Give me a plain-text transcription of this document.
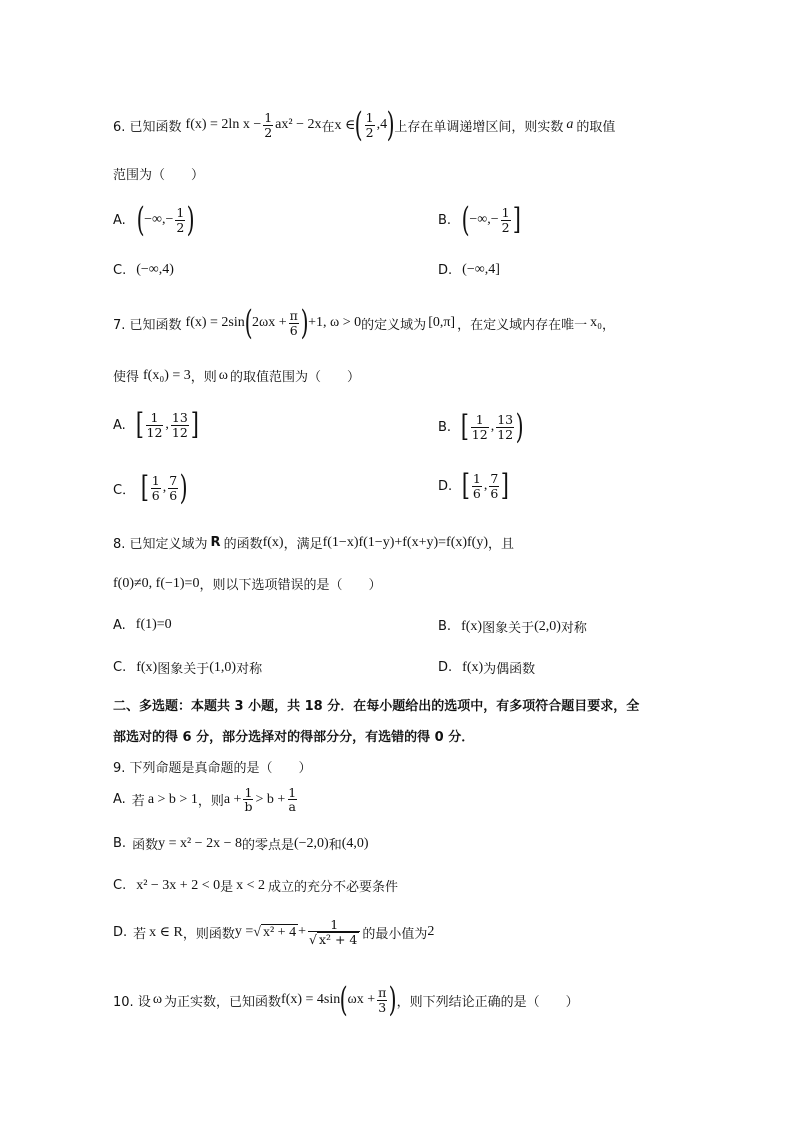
6. 已知函数 f(x) = 2ln $x - \frac{1}{2} ax^2 - 2x$ 在 x ∈ ( $\frac{1}{2} ,4$ ) 上存在单调递增区间，则实数 a 的取值
范围为（　　）
A. ( −∞,− $\frac{1}{2}$ )	B. ( −∞,− $\frac{1}{2}$ ]
C. (−∞,4)	D. (−∞,4]
7. 已知函数 f(x) = 2sin ( $2\omega x + \frac{\pi}{6}$ ) +1, ω > 0 的定义域为 [0,π] ，在定义域内存在唯一 x₀ ，
使得 f(x₀) = 3 ，则 ω 的取值范围为（　　）
A. [ $\frac{1}{12}$ , $\frac{13}{12}$ ]	B. [ $\frac{1}{12}$ , $\frac{13}{12}$ )
C． [ $\frac{1}{6}$ , $\frac{7}{6}$ )	D. [ $\frac{1}{6}$ , $\frac{7}{6}$ ]
8. 已知定义域为 R 的函数 f(x) ，满足 f(1−x)f(1−y)+f(x+y)=f(x)f(y) ，且
f(0)≠0, f(−1)=0 ，则以下选项错误的是（　　）
A. f(1)=0	B. f(x) 图象关于 (2,0) 对称
C. f(x) 图象关于 (1,0) 对称	D. f(x) 为偶函数
二、多选题：本题共 3 小题，共 18 分．在每小题给出的选项中，有多项符合题目要求，全
部选对的得 6 分，部分选择对的得部分分，有选错的得 0 分．
9. 下列命题是真命题的是（　　）
A. 若 a > b > 1 ，则 $a + \frac{1}{b} > b + \frac{1}{a}$
B. 函数 y = x² − 2x − 8 的零点是 (−2,0) 和 (4,0)
C. x² − 3x + 2 < 0 是 x < 2 成立的充分不必要条件
D. 若 x ∈ R ，则函数 y = √ $x^2 + 4 + \frac{1}{\text{√ x² + 4}}$ 的最小值为 2
10. 设 ω 为正实数，已知函数 f(x) = 4sin ( $\omega x + \frac{\pi}{3}$ ) ，则下列结论正确的是（　　）
